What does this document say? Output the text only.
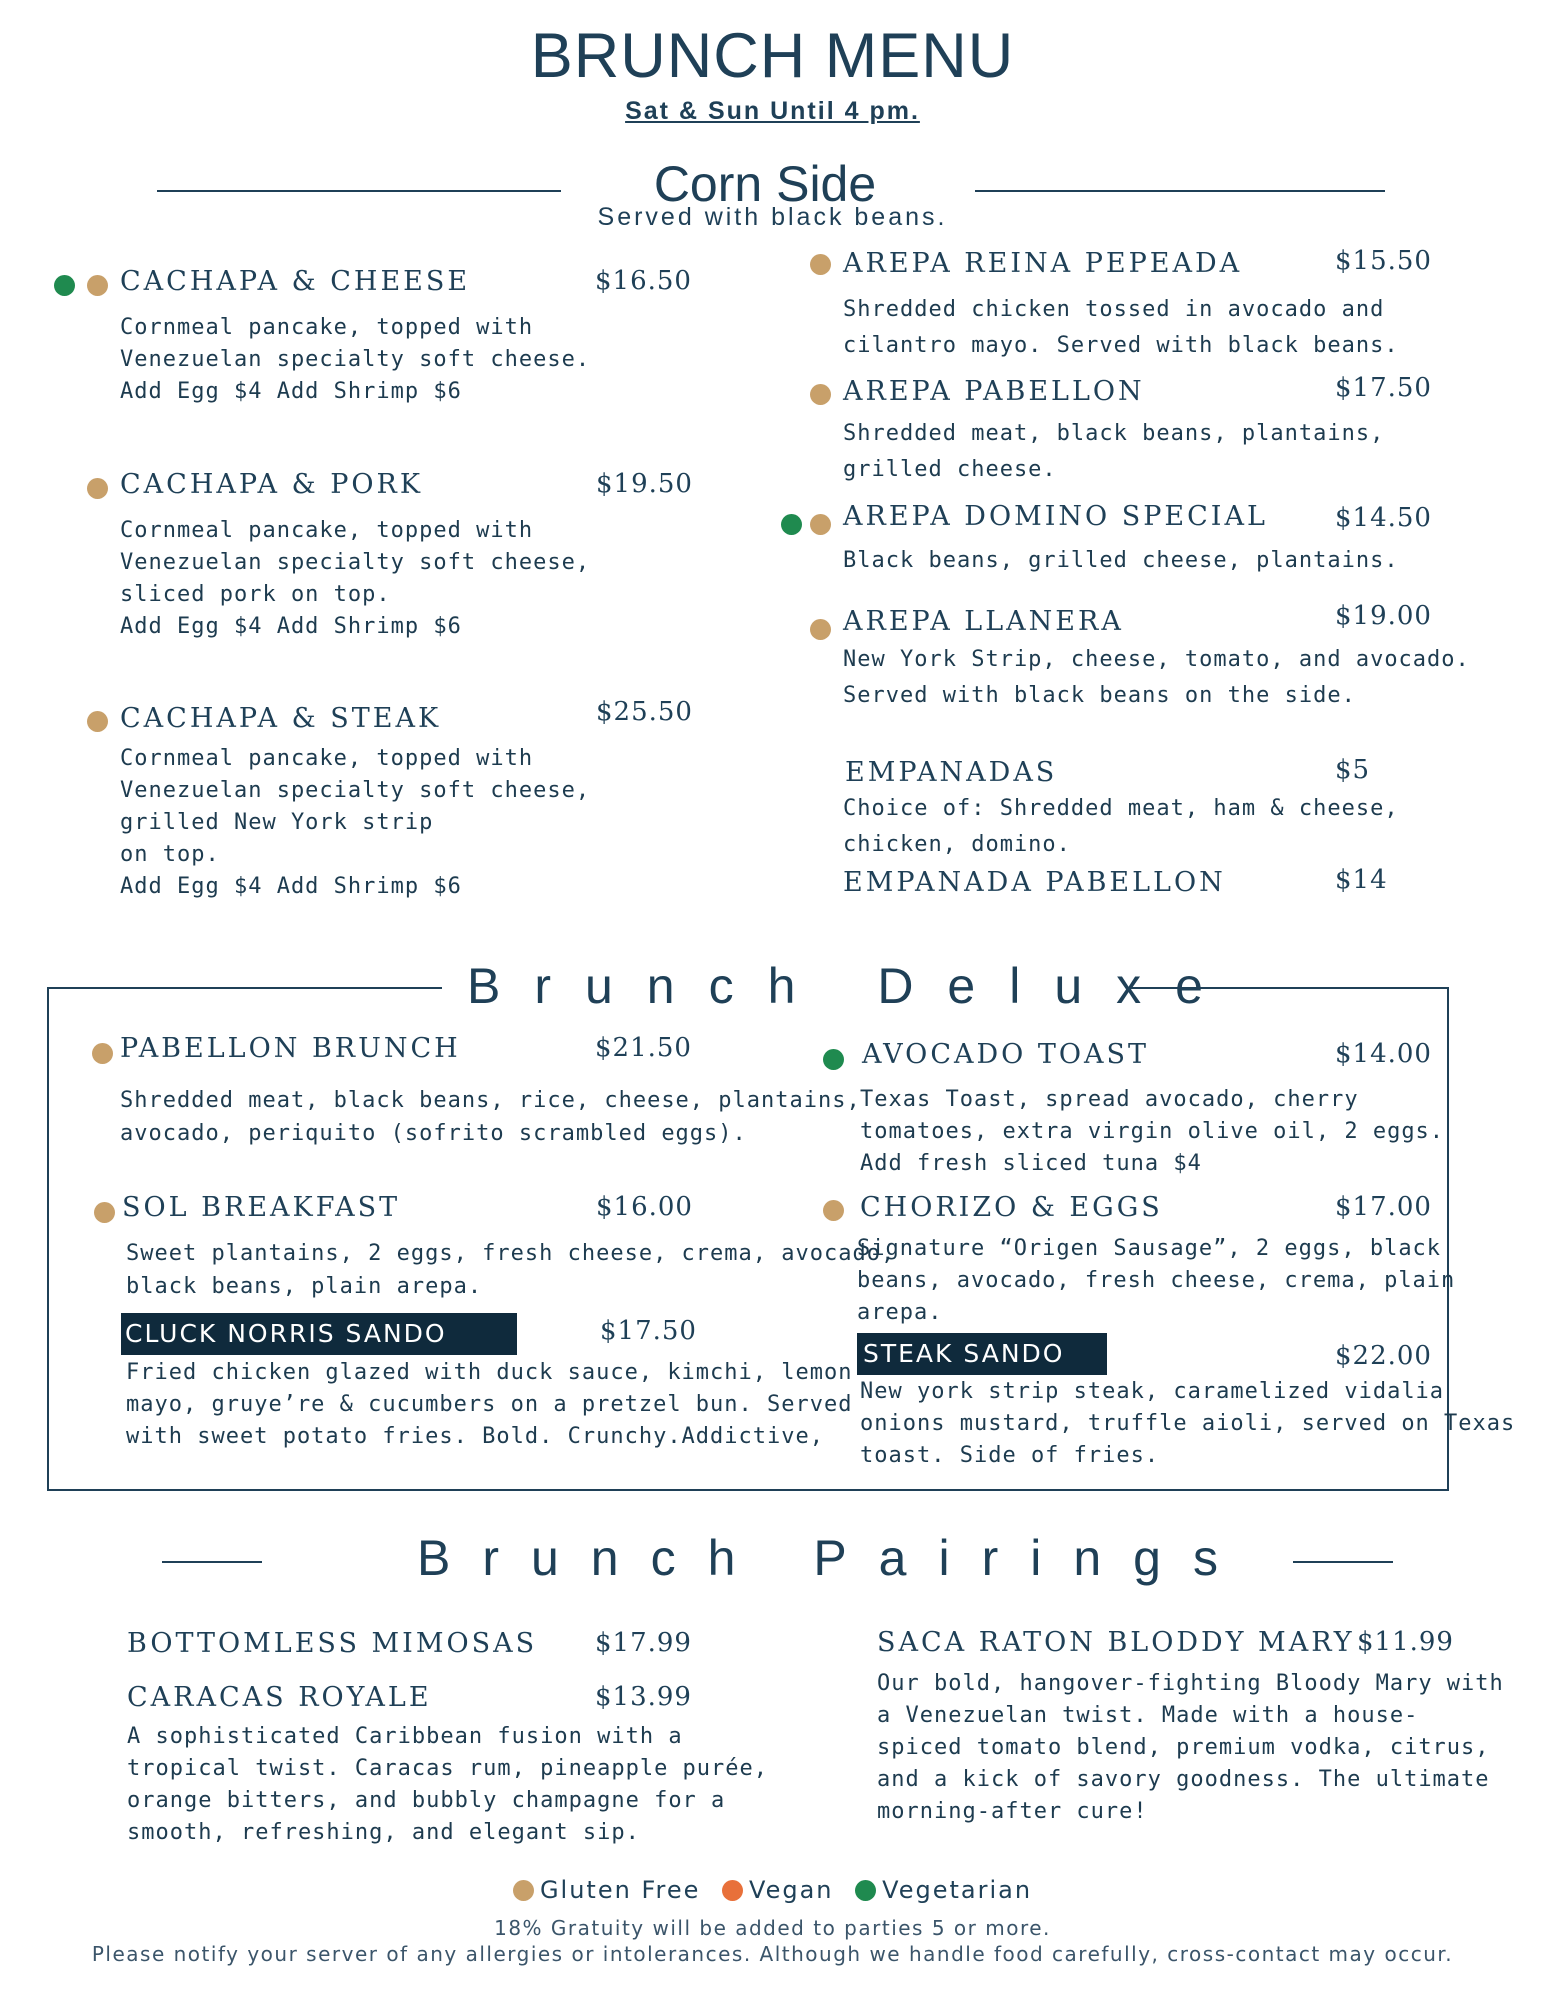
BRUNCH MENU
Sat & Sun Until 4 pm.
Corn Side
Served with black beans.
CACHAPA & CHEESE	$16.50
Cornmeal pancake, topped with
Venezuelan specialty soft cheese.
Add Egg $4 Add Shrimp $6
CACHAPA & PORK	$19.50
Cornmeal pancake, topped with
Venezuelan specialty soft cheese,
sliced pork on top.
Add Egg $4 Add Shrimp $6
CACHAPA & STEAK	$25.50
Cornmeal pancake, topped with
Venezuelan specialty soft cheese,
grilled New York strip
on top.
Add Egg $4 Add Shrimp $6
AREPA REINA PEPEADA	$15.50
Shredded chicken tossed in avocado and
cilantro mayo. Served with black beans.
AREPA PABELLON	$17.50
Shredded meat, black beans, plantains,
grilled cheese.
AREPA DOMINO SPECIAL	$14.50
Black beans, grilled cheese, plantains.
AREPA LLANERA	$19.00
New York Strip, cheese, tomato, and avocado.
Served with black beans on the side.
EMPANADAS	$5
Choice of: Shredded meat, ham & cheese,
chicken, domino.
EMPANADA PABELLON	$14
Brunch Deluxe
PABELLON BRUNCH	$21.50
Shredded meat, black beans, rice, cheese, plantains,
avocado, periquito (sofrito scrambled eggs).
SOL BREAKFAST	$16.00
Sweet plantains, 2 eggs, fresh cheese, crema, avocado,
black beans, plain arepa.
CLUCK NORRIS SANDO	$17.50
Fried chicken glazed with duck sauce, kimchi, lemon
mayo, gruye’re & cucumbers on a pretzel bun. Served
with sweet potato fries. Bold. Crunchy.Addictive,
AVOCADO TOAST	$14.00
Texas Toast, spread avocado, cherry
tomatoes, extra virgin olive oil, 2 eggs.
Add fresh sliced tuna $4
CHORIZO & EGGS	$17.00
Signature “Origen Sausage”, 2 eggs, black
beans, avocado, fresh cheese, crema, plain
arepa.
STEAK SANDO	$22.00
New york strip steak, caramelized vidalia
onions mustard, truffle aioli, served on Texas
toast. Side of fries.
Brunch Pairings
BOTTOMLESS MIMOSAS $17.99
CARACAS ROYALE	$13.99
A sophisticated Caribbean fusion with a
tropical twist. Caracas rum, pineapple purée,
orange bitters, and bubbly champagne for a
smooth, refreshing, and elegant sip.
SACA RATON BLODDY MARY $11.99
Our bold, hangover-fighting Bloody Mary with
a Venezuelan twist. Made with a house-
spiced tomato blend, premium vodka, citrus,
and a kick of savory goodness. The ultimate
morning-after cure!
Gluten Free Vegan Vegetarian
18% Gratuity will be added to parties 5 or more.
Please notify your server of any allergies or intolerances. Although we handle food carefully, cross-contact may occur.
